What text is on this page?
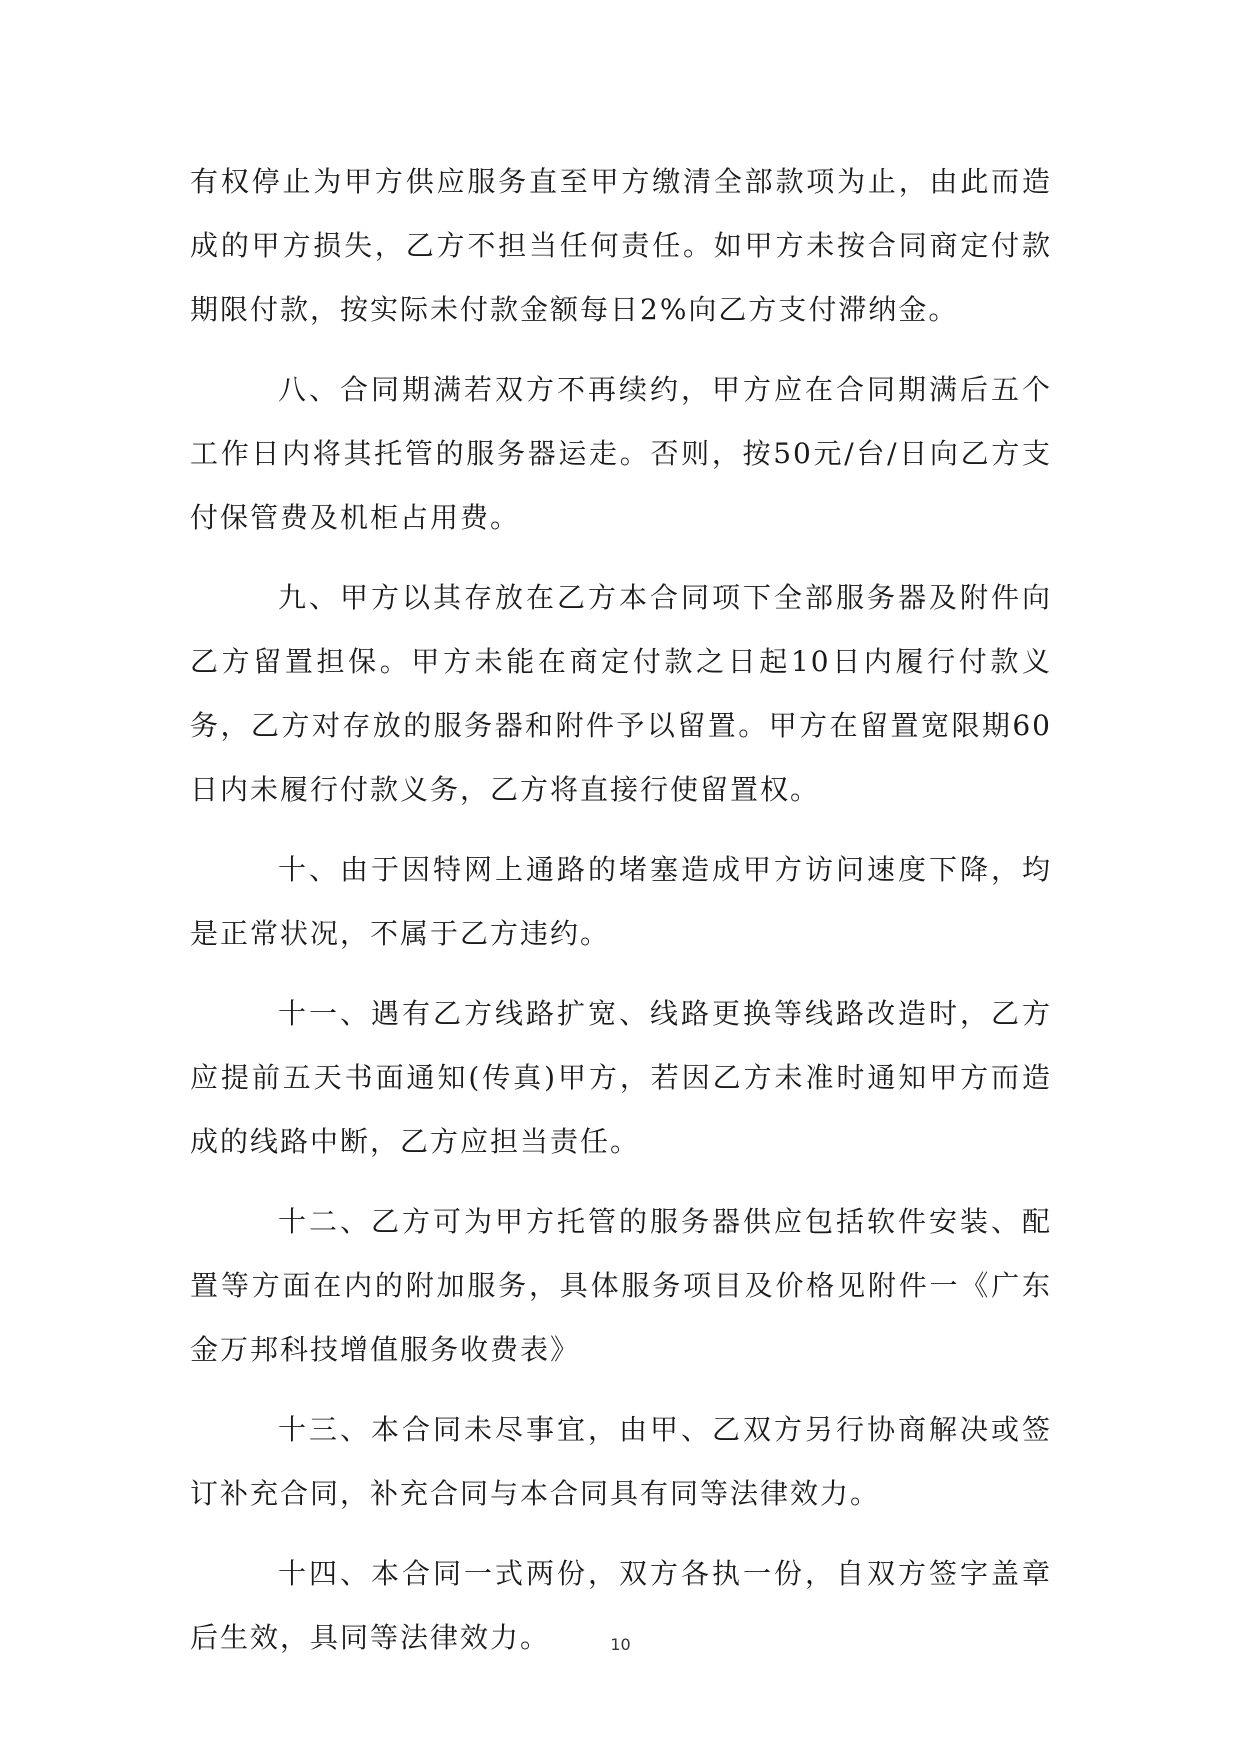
有权停止为甲方供应服务直至甲方缴清全部款项为止，由此而造成的甲方损失，乙方不担当任何责任。如甲方未按合同商定付款期限付款，按实际未付款金额每日2%向乙方支付滞纳金。

八、合同期满若双方不再续约，甲方应在合同期满后五个工作日内将其托管的服务器运走。否则，按50元/台/日向乙方支付保管费及机柜占用费。

九、甲方以其存放在乙方本合同项下全部服务器及附件向乙方留置担保。甲方未能在商定付款之日起10日内履行付款义务，乙方对存放的服务器和附件予以留置。甲方在留置宽限期60日内未履行付款义务，乙方将直接行使留置权。

十、由于因特网上通路的堵塞造成甲方访问速度下降，均是正常状况，不属于乙方违约。

十一、遇有乙方线路扩宽、线路更换等线路改造时，乙方应提前五天书面通知(传真)甲方，若因乙方未准时通知甲方而造成的线路中断，乙方应担当责任。

十二、乙方可为甲方托管的服务器供应包括软件安装、配置等方面在内的附加服务，具体服务项目及价格见附件一《广东金万邦科技增值服务收费表》

十三、本合同未尽事宜，由甲、乙双方另行协商解决或签订补充合同，补充合同与本合同具有同等法律效力。

十四、本合同一式两份，双方各执一份，自双方签字盖章后生效，具同等法律效力。	10
